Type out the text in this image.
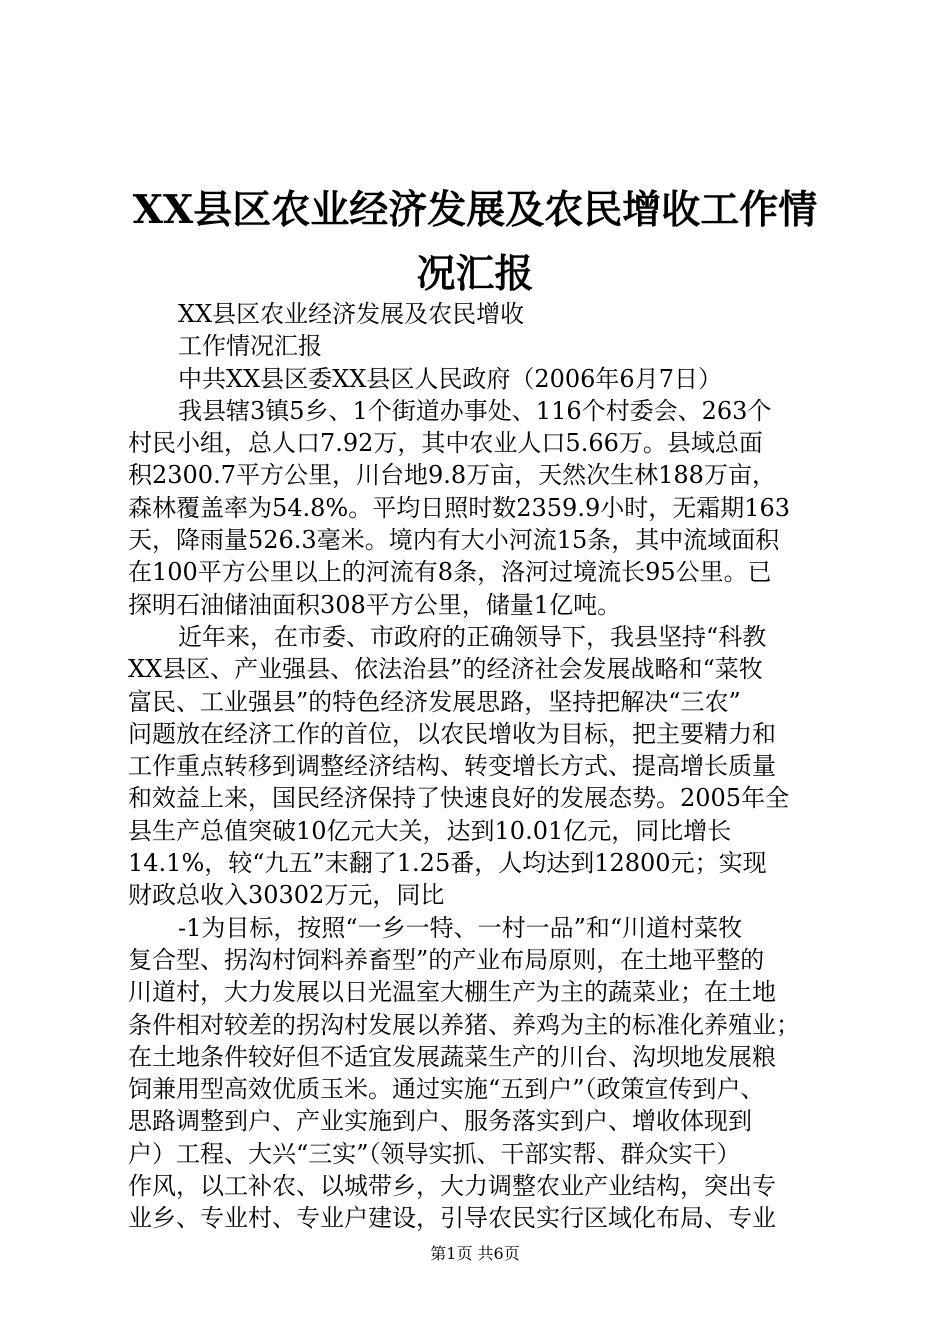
XX县区农业经济发展及农民增收工作情况汇报
XX县区农业经济发展及农民增收
工作情况汇报
中共XX县区委XX县区人民政府（2006年6月7日）
我县辖3镇5乡、1个街道办事处、116个村委会、263个
村民小组，总人口7.92万，其中农业人口5.66万。县域总面
积2300.7平方公里，川台地9.8万亩，天然次生林188万亩，
森林覆盖率为54.8%。平均日照时数2359.9小时，无霜期163
天，降雨量526.3毫米。境内有大小河流15条，其中流域面积
在100平方公里以上的河流有8条，洛河过境流长95公里。已
探明石油储油面积308平方公里，储量1亿吨。
近年来，在市委、市政府的正确领导下，我县坚持“科教
XX县区、产业强县、依法治县”的经济社会发展战略和“菜牧
富民、工业强县”的特色经济发展思路，坚持把解决“三农”
问题放在经济工作的首位，以农民增收为目标，把主要精力和
工作重点转移到调整经济结构、转变增长方式、提高增长质量
和效益上来，国民经济保持了快速良好的发展态势。2005年全
县生产总值突破10亿元大关，达到10.01亿元，同比增长
14.1%，较“九五”末翻了1.25番，人均达到12800元；实现
财政总收入30302万元，同比
-1为目标，按照“一乡一特、一村一品”和“川道村菜牧
复合型、拐沟村饲料养畜型”的产业布局原则，在土地平整的
川道村，大力发展以日光温室大棚生产为主的蔬菜业；在土地
条件相对较差的拐沟村发展以养猪、养鸡为主的标准化养殖业；
在土地条件较好但不适宜发展蔬菜生产的川台、沟坝地发展粮
饲兼用型高效优质玉米。通过实施“五到户”（政策宣传到户、
思路调整到户、产业实施到户、服务落实到户、增收体现到
户）工程、大兴“三实”（领导实抓、干部实帮、群众实干）
作风，以工补农、以城带乡，大力调整农业产业结构，突出专
业乡、专业村、专业户建设，引导农民实行区域化布局、专业
第1页 共6页
